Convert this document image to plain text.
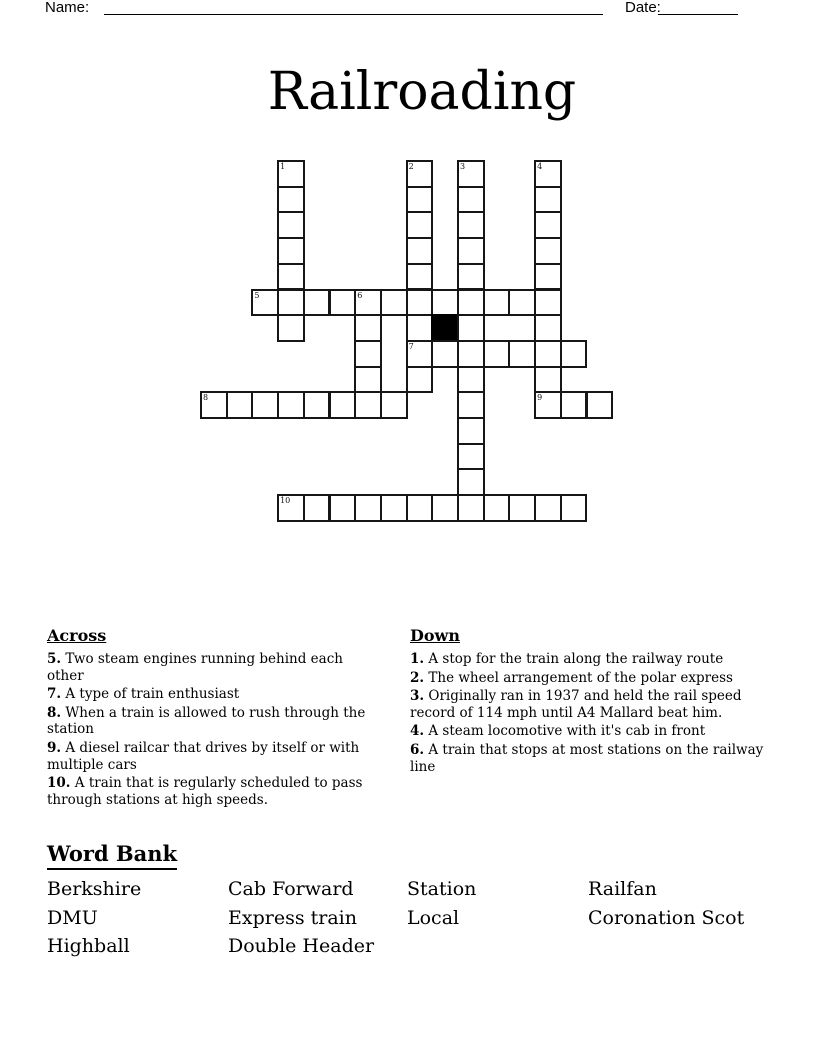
Name:	Date:
Railroading
1	2	3	4
5	6
7
8	9
10
Across

5. Two steam engines running behind each other

7. A type of train enthusiast

8. When a train is allowed to rush through the station

9. A diesel railcar that drives by itself or with multiple cars

10. A train that is regularly scheduled to pass through stations at high speeds.

Down

1. A stop for the train along the railway route

2. The wheel arrangement of the polar express

3. Originally ran in 1937 and held the rail speed record of 114 mph until A4 Mallard beat him.

4. A steam locomotive with it's cab in front

6. A train that stops at most stations on the railway line

Word Bank
Berkshire	Cab Forward	Station	Railfan
DMU	Express train	Local	Coronation Scot
Highball	Double Header
